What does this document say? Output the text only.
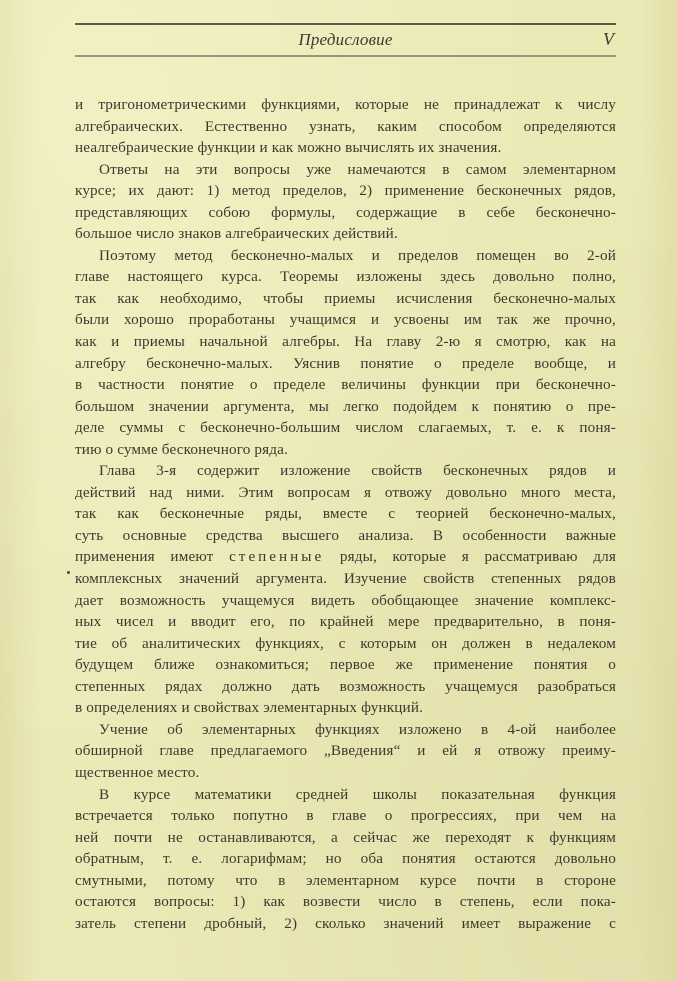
Предисловие	V
и тригонометрическими функциями, которые не принадлежат к числу
алгебраических. Естественно узнать, каким способом определяются
неалгебраические функции и как можно вычислять их значения.
Ответы на эти вопросы уже намечаются в самом элементарном
курсе; их дают: 1) метод пределов, 2) применение бесконечных рядов,
представляющих собою формулы, содержащие в себе бесконечно-
большое число знаков алгебраических действий.
Поэтому метод бесконечно-малых и пределов помещен во 2-ой
главе настоящего курса. Теоремы изложены здесь довольно полно,
так как необходимо, чтобы приемы исчисления бесконечно-малых
были хорошо проработаны учащимся и усвоены им так же прочно,
как и приемы начальной алгебры. На главу 2-ю я смотрю, как на
алгебру бесконечно-малых. Уяснив понятие о пределе вообще, и
в частности понятие о пределе величины функции при бесконечно-
большом значении аргумента, мы легко подойдем к понятию о пре-
деле суммы с бесконечно-большим числом слагаемых, т. е. к поня-
тию о сумме бесконечного ряда.
Глава 3-я содержит изложение свойств бесконечных рядов и
действий над ними. Этим вопросам я отвожу довольно много места,
так как бесконечные ряды, вместе с теорией бесконечно-малых,
суть основные средства высшего анализа. В особенности важные
применения имеют степенные ряды, которые я рассматриваю для
комплексных значений аргумента. Изучение свойств степенных рядов
дает возможность учащемуся видеть обобщающее значение комплекс-
ных чисел и вводит его, по крайней мере предварительно, в поня-
тие об аналитических функциях, с которым он должен в недалеком
будущем ближе ознакомиться; первое же применение понятия о
степенных рядах должно дать возможность учащемуся разобраться
в определениях и свойствах элементарных функций.
Учение об элементарных функциях изложено в 4-ой наиболее
обширной главе предлагаемого „Введения“ и ей я отвожу преиму-
щественное место.
В курсе математики средней школы показательная функция
встречается только попутно в главе о прогрессиях, при чем на
ней почти не останавливаются, а сейчас же переходят к функциям
обратным, т. е. логарифмам; но оба понятия остаются довольно
смутными, потому что в элементарном курсе почти в стороне
остаются вопросы: 1) как возвести число в степень, если пока-
затель степени дробный, 2) сколько значений имеет выражение с
